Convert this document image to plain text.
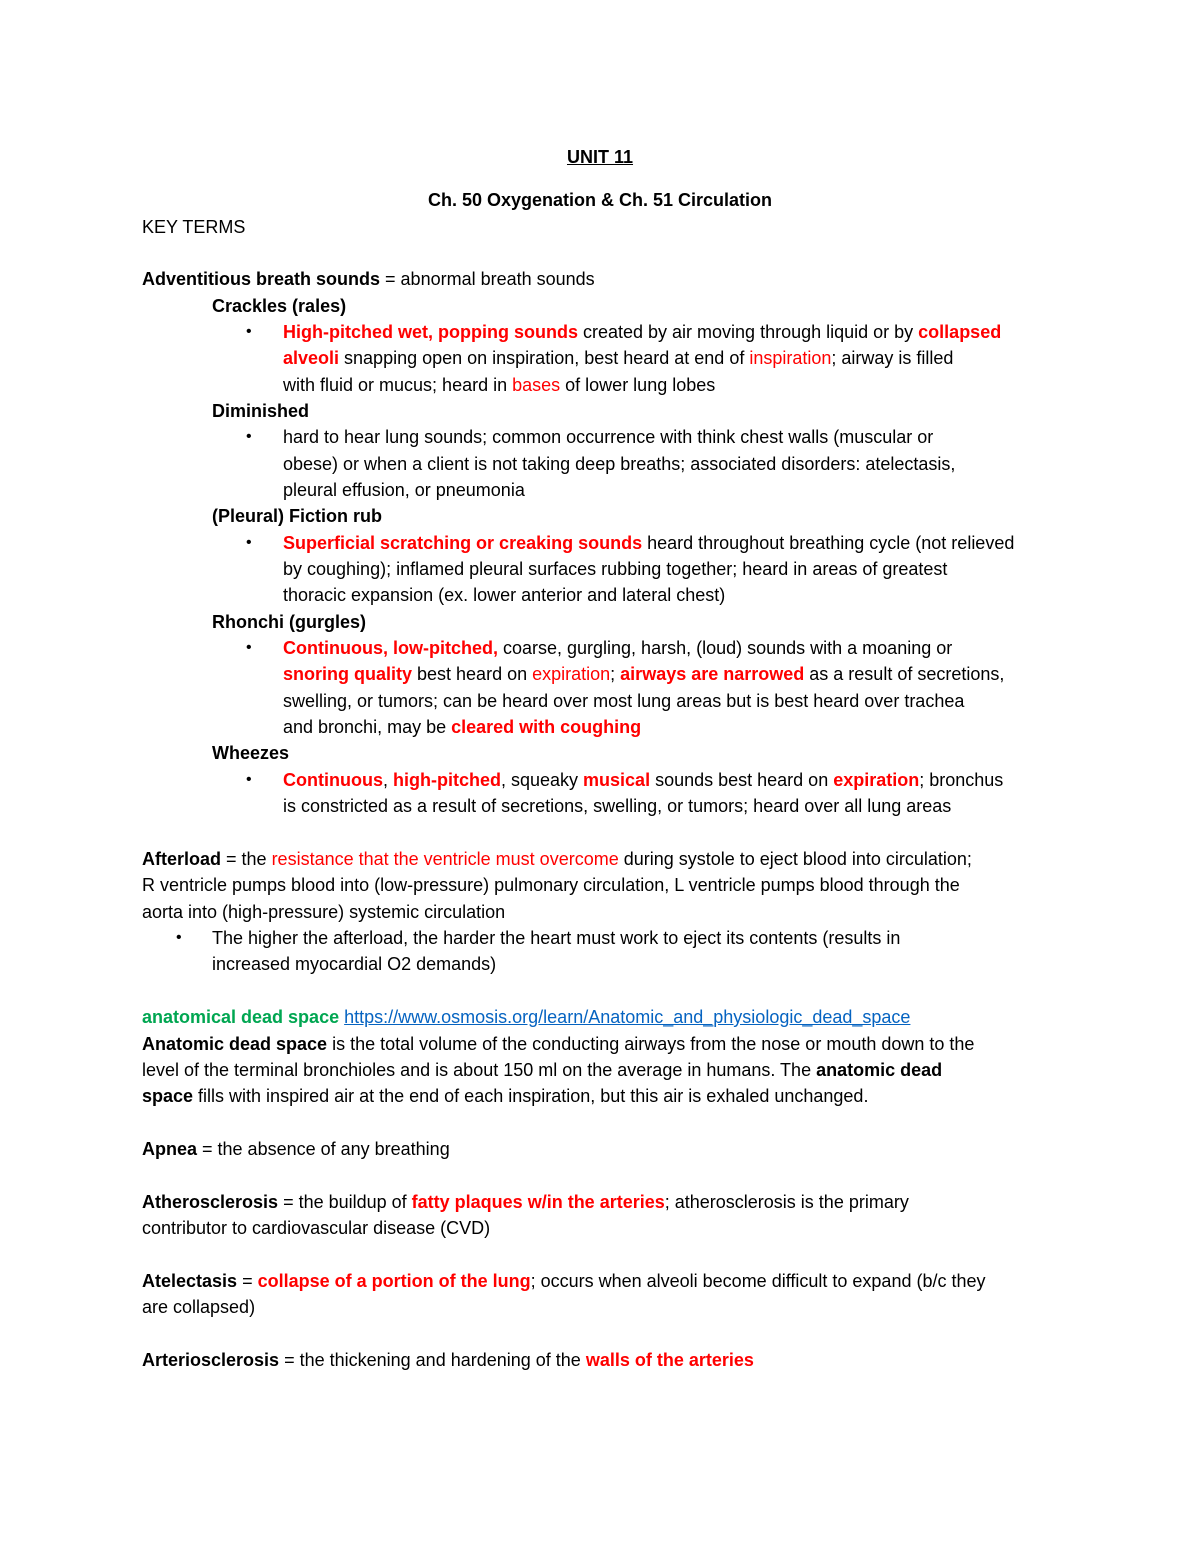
UNIT 11
Ch. 50 Oxygenation & Ch. 51 Circulation
KEY TERMS
Adventitious breath sounds = abnormal breath sounds
Crackles (rales)
• High-pitched wet, popping sounds created by air moving through liquid or by collapsed
alveoli snapping open on inspiration, best heard at end of inspiration; airway is filled
with fluid or mucus; heard in bases of lower lung lobes
Diminished
• hard to hear lung sounds; common occurrence with think chest walls (muscular or
obese) or when a client is not taking deep breaths; associated disorders: atelectasis,
pleural effusion, or pneumonia
(Pleural) Fiction rub
• Superficial scratching or creaking sounds heard throughout breathing cycle (not relieved
by coughing); inflamed pleural surfaces rubbing together; heard in areas of greatest
thoracic expansion (ex. lower anterior and lateral chest)
Rhonchi (gurgles)
• Continuous, low-pitched, coarse, gurgling, harsh, (loud) sounds with a moaning or
snoring quality best heard on expiration; airways are narrowed as a result of secretions,
swelling, or tumors; can be heard over most lung areas but is best heard over trachea
and bronchi, may be cleared with coughing
Wheezes
• Continuous, high-pitched, squeaky musical sounds best heard on expiration; bronchus
is constricted as a result of secretions, swelling, or tumors; heard over all lung areas
Afterload = the resistance that the ventricle must overcome during systole to eject blood into circulation;
R ventricle pumps blood into (low-pressure) pulmonary circulation, L ventricle pumps blood through the
aorta into (high-pressure) systemic circulation
• The higher the afterload, the harder the heart must work to eject its contents (results in
increased myocardial O2 demands)
anatomical dead space https://www.osmosis.org/learn/Anatomic_and_physiologic_dead_space
Anatomic dead space is the total volume of the conducting airways from the nose or mouth down to the
level of the terminal bronchioles and is about 150 ml on the average in humans. The anatomic dead
space fills with inspired air at the end of each inspiration, but this air is exhaled unchanged.
Apnea = the absence of any breathing
Atherosclerosis = the buildup of fatty plaques w/in the arteries; atherosclerosis is the primary
contributor to cardiovascular disease (CVD)
Atelectasis = collapse of a portion of the lung; occurs when alveoli become difficult to expand (b/c they
are collapsed)
Arteriosclerosis = the thickening and hardening of the walls of the arteries
